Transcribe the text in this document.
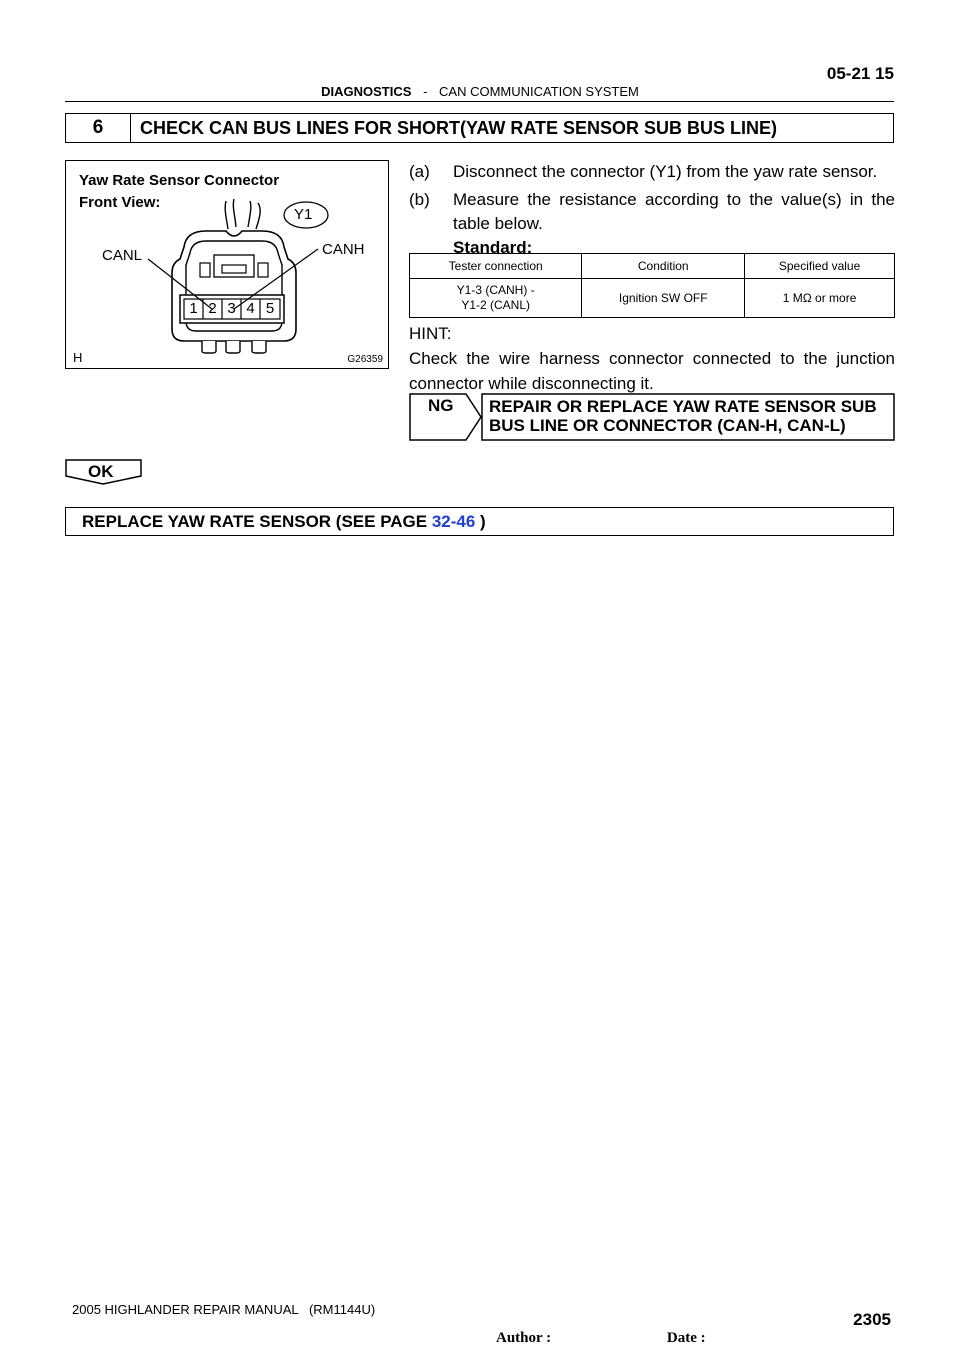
05-21 15
DIAGNOSTICS - CAN COMMUNICATION SYSTEM
6	CHECK CAN BUS LINES FOR SHORT(YAW RATE SENSOR SUB BUS LINE)
Yaw Rate Sensor Connector
Front View:
Y1
CANL	CANH
1 2 3 4 5
H	G26359
(a)	Disconnect the connector (Y1) from the yaw rate sensor.
(b)	Measure the resistance according to the value(s) in the table below.
Standard:
Tester connection	Condition	Specified value

Y1-3 (CANH) -
Y1-2 (CANL)	Ignition SW OFF	1 MΩ or more
HINT:
Check the wire harness connector connected to the junction connector while disconnecting it.
NG REPAIR OR REPLACE YAW RATE SENSOR SUB
BUS LINE OR CONNECTOR (CAN-H, CAN-L)
OK
REPLACE YAW RATE SENSOR (SEE PAGE 32-46 )
2005 HIGHLANDER REPAIR MANUAL   (RM1144U)
2305
Author :	Date :
